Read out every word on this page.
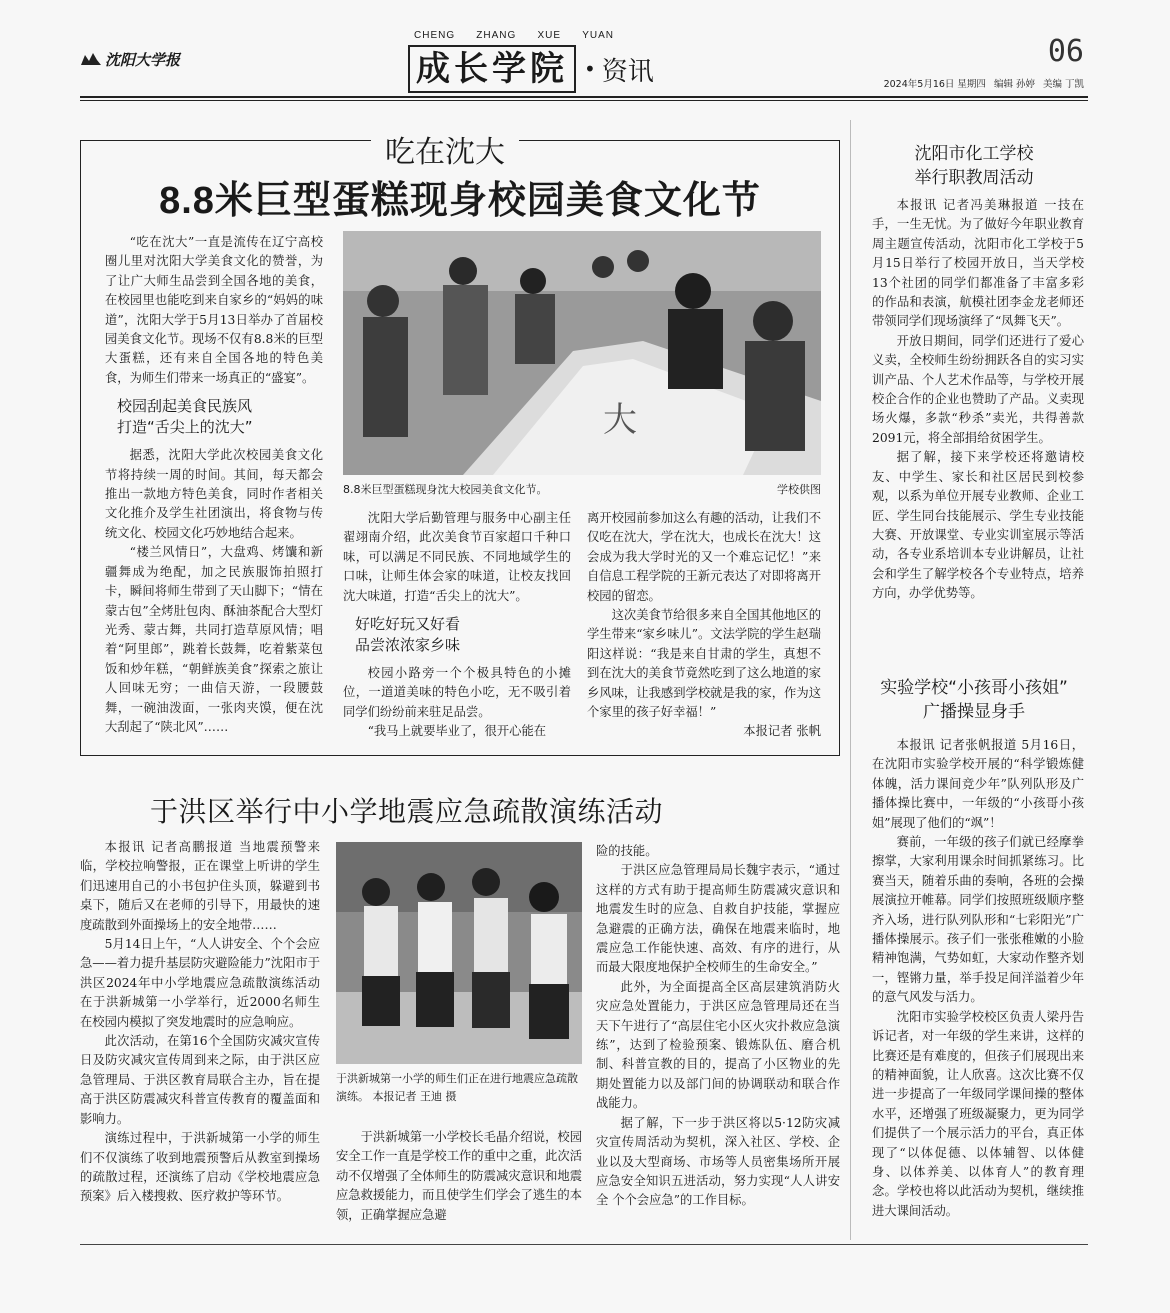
沈阳大学报
CHENG ZHANG XUE YUAN
成长学院 • 资讯
06
2024年5月16日 星期四 编辑 孙婷 美编 丁凯
吃在沈大
8.8米巨型蛋糕现身校园美食文化节

“吃在沈大”一直是流传在辽宁高校圈儿里对沈阳大学美食文化的赞誉，为了让广大师生品尝到全国各地的美食，在校园里也能吃到来自家乡的“妈妈的味道”，沈阳大学于5月13日举办了首届校园美食文化节。现场不仅有8.8米的巨型大蛋糕，还有来自全国各地的特色美食，为师生们带来一场真正的“盛宴”。

校园刮起美食民族风
打造“舌尖上的沈大”

据悉，沈阳大学此次校园美食文化节将持续一周的时间。其间，每天都会推出一款地方特色美食，同时作者相关文化推介及学生社团演出，将食物与传统文化、校园文化巧妙地结合起来。

“楼兰风情日”，大盘鸡、烤馕和新疆舞成为绝配，加之民族服饰拍照打卡，瞬间将师生带到了天山脚下；“情在蒙古包”全烤肚包肉、酥油茶配合大型灯光秀、蒙古舞，共同打造草原风情；唱着“阿里郎”，跳着长鼓舞，吃着紫菜包饭和炒年糕，“朝鲜族美食”探索之旅让人回味无穷；一曲信天游，一段腰鼓舞，一碗油泼面，一张肉夹馍，便在沈大刮起了“陕北风”……

大
8.8米巨型蛋糕现身沈大校园美食文化节。	学校供图

沈阳大学后勤管理与服务中心副主任翟翊南介绍，此次美食节百家超口千种口味，可以满足不同民族、不同地域学生的口味，让师生体会家的味道，让校友找回沈大味道，打造“舌尖上的沈大”。

好吃好玩又好看
品尝浓浓家乡味

校园小路旁一个个极具特色的小摊位，一道道美味的特色小吃，无不吸引着同学们纷纷前来驻足品尝。

“我马上就要毕业了，很开心能在

离开校园前参加这么有趣的活动，让我们不仅吃在沈大，学在沈大，也成长在沈大！这会成为我大学时光的又一个难忘记忆！”来自信息工程学院的王新元表达了对即将离开校园的留恋。

这次美食节给很多来自全国其他地区的学生带来“家乡味儿”。文法学院的学生赵瑞阳这样说：“我是来自甘肃的学生，真想不到在沈大的美食节竟然吃到了这么地道的家乡风味，让我感到学校就是我的家，作为这个家里的孩子好幸福！”

本报记者 张帆
沈阳市化工学校
举行职教周活动

本报讯 记者冯美琳报道 一技在手，一生无忧。为了做好今年职业教育周主题宣传活动，沈阳市化工学校于5月15日举行了校园开放日，当天学校13个社团的同学们都准备了丰富多彩的作品和表演，航模社团李金龙老师还带领同学们现场演绎了“凤舞飞天”。

开放日期间，同学们还进行了爱心义卖，全校师生纷纷拥跃各自的实习实训产品、个人艺术作品等，与学校开展校企合作的企业也赞助了产品。义卖现场火爆，多款“秒杀”卖光，共得善款2091元，将全部捐给贫困学生。

据了解，接下来学校还将邀请校友、中学生、家长和社区居民到校参观，以系为单位开展专业教师、企业工匠、学生同台技能展示、学生专业技能大赛、开放课堂、专业实训室展示等活动，各专业系培训本专业讲解员，让社会和学生了解学校各个专业特点，培养方向，办学优势等。

实验学校“小孩哥小孩姐”
广播操显身手

本报讯 记者张帆报道 5月16日，在沈阳市实验学校开展的“科学锻炼健体魄，活力课间竞少年”队列队形及广播体操比赛中，一年级的“小孩哥小孩姐”展现了他们的“飒”！

赛前，一年级的孩子们就已经摩拳擦掌，大家利用课余时间抓紧练习。比赛当天，随着乐曲的奏响，各班的会操展演拉开帷幕。同学们按照班级顺序整齐入场，进行队列队形和“七彩阳光”广播体操展示。孩子们一张张稚嫩的小脸精神饱满，气势如虹，大家动作整齐划一，铿锵力量，举手投足间洋溢着少年的意气风发与活力。

沈阳市实验学校校区负责人梁丹告诉记者，对一年级的学生来讲，这样的比赛还是有难度的，但孩子们展现出来的精神面貌，让人欣喜。这次比赛不仅进一步提高了一年级同学课间操的整体水平，还增强了班级凝聚力，更为同学们提供了一个展示活力的平台，真正体现了“以体促德、以体辅智、以体健身、以体养美、以体育人”的教育理念。学校也将以此活动为契机，继续推进大课间活动。

于洪区举行中小学地震应急疏散演练活动

本报讯 记者高鹏报道 当地震预警来临，学校拉响警报，正在课堂上听讲的学生们迅速用自己的小书包护住头顶，躲避到书桌下，随后又在老师的引导下，用最快的速度疏散到外面操场上的安全地带……

5月14日上午，“人人讲安全、个个会应急——着力提升基层防灾避险能力”沈阳市于洪区2024年中小学地震应急疏散演练活动在于洪新城第一小学举行，近2000名师生在校园内模拟了突发地震时的应急响应。

此次活动，在第16个全国防灾减灾宣传日及防灾减灾宣传周到来之际，由于洪区应急管理局、于洪区教育局联合主办，旨在提高于洪区防震减灾科普宣传教育的覆盖面和影响力。

演练过程中，于洪新城第一小学的师生们不仅演练了收到地震预警后从教室到操场的疏散过程，还演练了启动《学校地震应急预案》后入楼搜救、医疗救护等环节。

于洪新城第一小学的师生们正在进行地震应急疏散演练。 本报记者 王迪 摄

于洪新城第一小学校长毛晶介绍说，校园安全工作一直是学校工作的重中之重，此次活动不仅增强了全体师生的防震减灾意识和地震应急救援能力，而且使学生们学会了逃生的本领，正确掌握应急避

险的技能。

于洪区应急管理局局长魏宇表示，“通过这样的方式有助于提高师生防震减灾意识和地震发生时的应急、自救自护技能，掌握应急避震的正确方法，确保在地震来临时，地震应急工作能快速、高效、有序的进行，从而最大限度地保护全校师生的生命安全。”

此外，为全面提高全区高层建筑消防火灾应急处置能力，于洪区应急管理局还在当天下午进行了“高层住宅小区火灾扑救应急演练”，达到了检验预案、锻炼队伍、磨合机制、科普宣教的目的，提高了小区物业的先期处置能力以及部门间的协调联动和联合作战能力。

据了解，下一步于洪区将以5·12防灾减灾宣传周活动为契机，深入社区、学校、企业以及大型商场、市场等人员密集场所开展应急安全知识五进活动，努力实现“人人讲安全 个个会应急”的工作目标。
